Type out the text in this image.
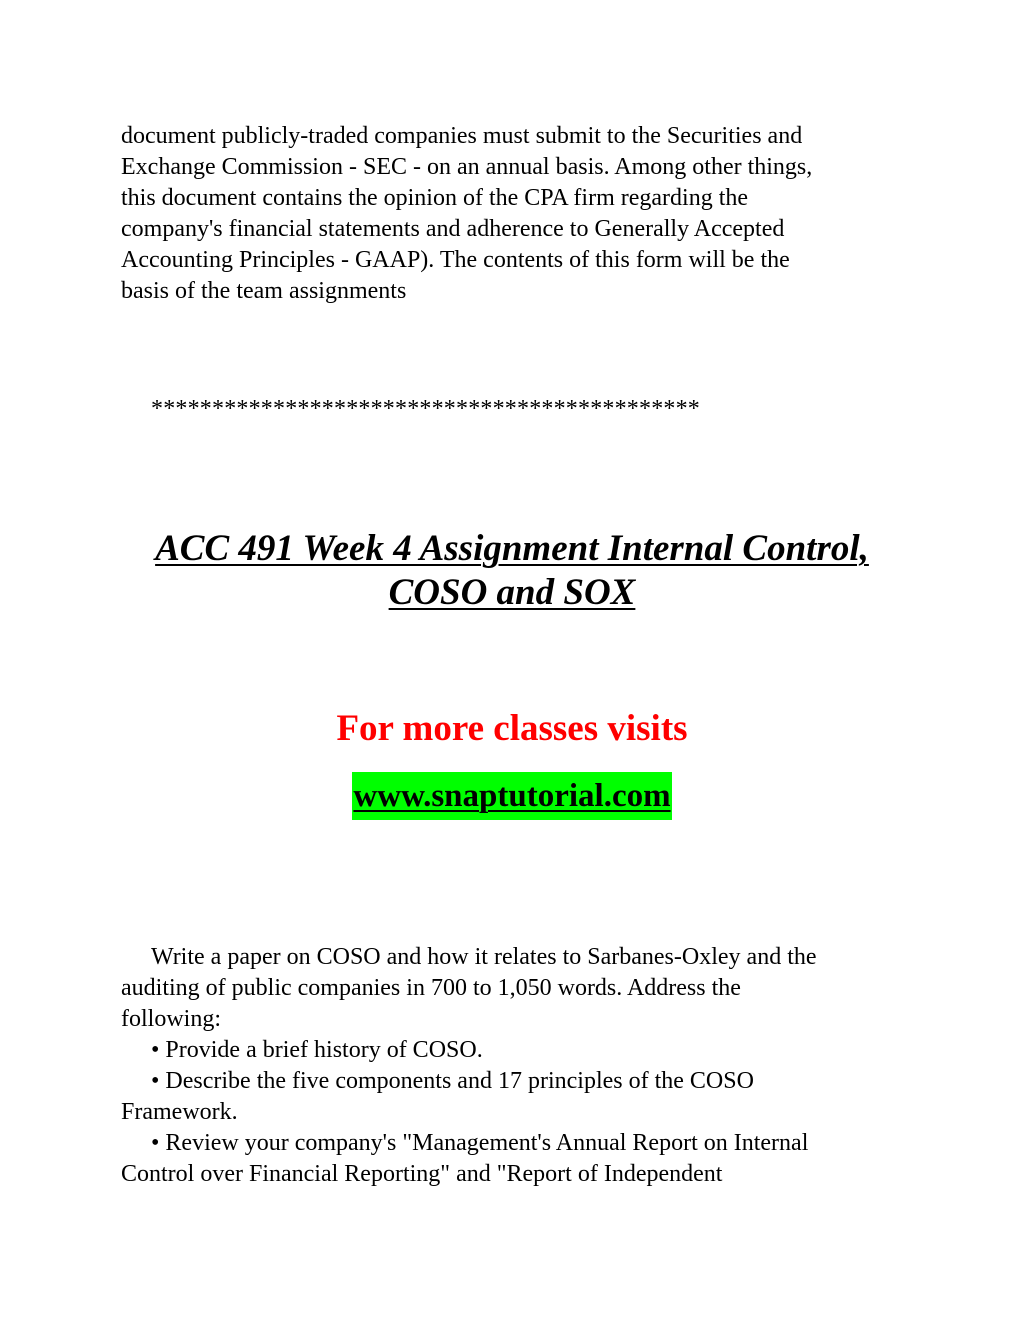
document publicly-traded companies must submit to the Securities and
Exchange Commission - SEC - on an annual basis. Among other things,
this document contains the opinion of the CPA firm regarding the
company's financial statements and adherence to Generally Accepted
Accounting Principles - GAAP). The contents of this form will be the
basis of the team assignments

*********************************************

ACC 491 Week 4 Assignment Internal Control,
COSO and SOX

For more classes visits

www.snaptutorial.com

Write a paper on COSO and how it relates to Sarbanes-Oxley and the
auditing of public companies in 700 to 1,050 words. Address the
following:
• Provide a brief history of COSO.
• Describe the five components and 17 principles of the COSO
Framework.
• Review your company's "Management's Annual Report on Internal
Control over Financial Reporting" and "Report of Independent
